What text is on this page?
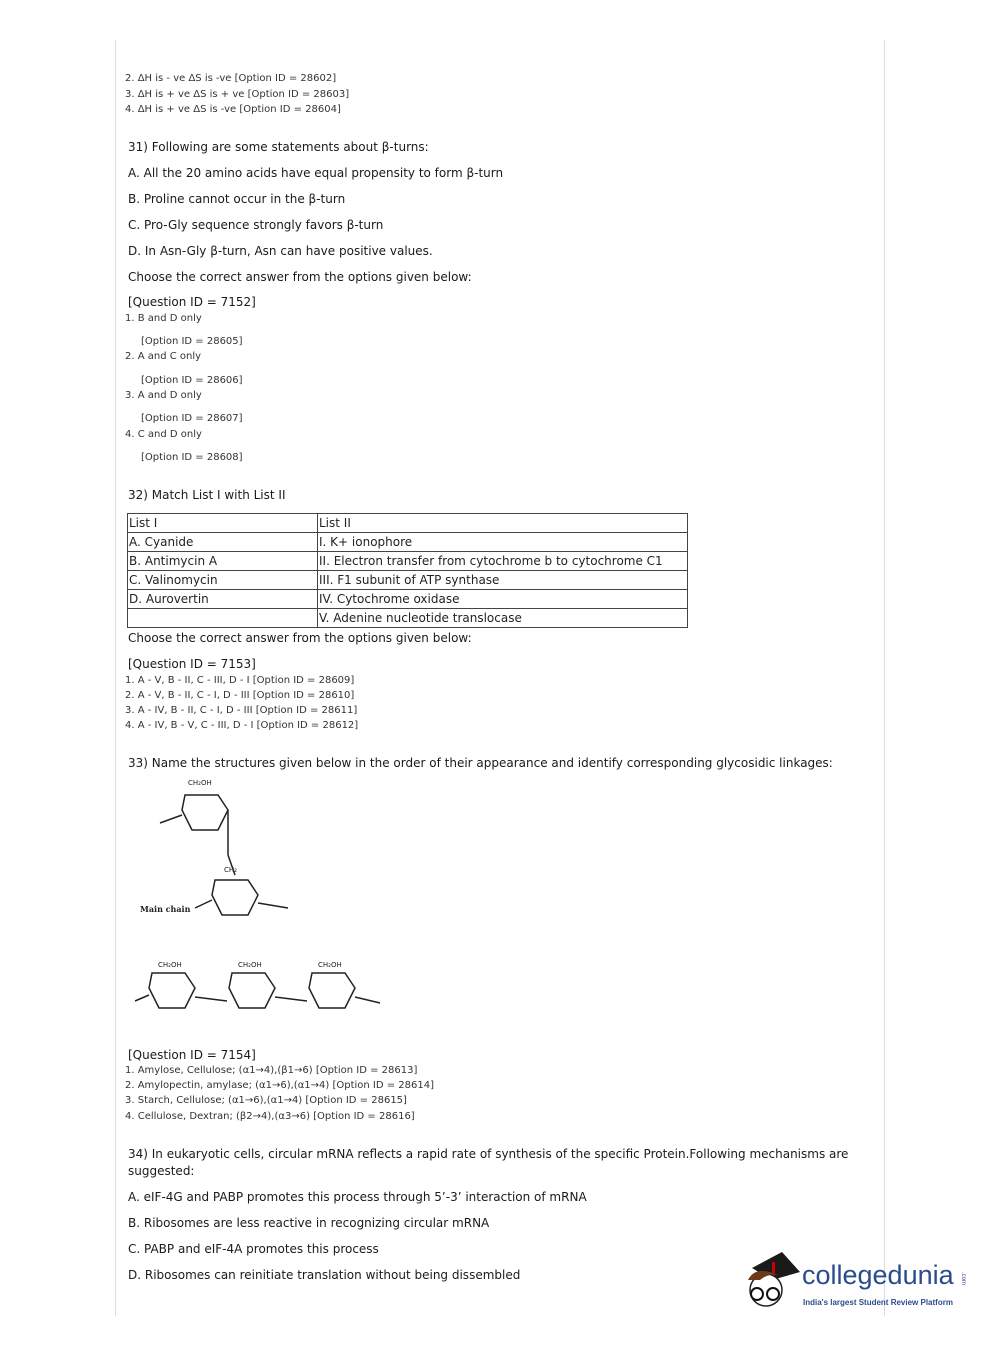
2. ΔH is - ve ΔS is -ve [Option ID = 28602]
3. ΔH is + ve ΔS is + ve [Option ID = 28603]
4. ΔH is + ve ΔS is -ve [Option ID = 28604]
31) Following are some statements about β-turns:
A. All the 20 amino acids have equal propensity to form β-turn
B. Proline cannot occur in the β-turn
C. Pro-Gly sequence strongly favors β-turn
D. In Asn-Gly β-turn, Asn can have positive values.
Choose the correct answer from the options given below:
[Question ID = 7152]
1. B and D only
[Option ID = 28605]
2. A and C only
[Option ID = 28606]
3. A and D only
[Option ID = 28607]
4. C and D only
[Option ID = 28608]
32) Match List I with List II
List I	List II
A. Cyanide	I. K+ ionophore
B. Antimycin A	II. Electron transfer from cytochrome b to cytochrome C1
C. Valinomycin	III. F1 subunit of ATP synthase
D. Aurovertin	IV. Cytochrome oxidase
	V. Adenine nucleotide translocase
Choose the correct answer from the options given below:
[Question ID = 7153]
1. A - V, B - II, C - III, D - I [Option ID = 28609]
2. A - V, B - II, C - I, D - III [Option ID = 28610]
3. A - IV, B - II, C - I, D - III [Option ID = 28611]
4. A - IV, B - V, C - III, D - I [Option ID = 28612]
33) Name the structures given below in the order of their appearance and identify corresponding glycosidic linkages:
CH₂OH
CH₂
Main chain
CH₂OH	CH₂OH	CH₂OH
[Question ID = 7154]
1. Amylose, Cellulose; (α1→4),(β1→6) [Option ID = 28613]
2. Amylopectin, amylase; (α1→6),(α1→4) [Option ID = 28614]
3. Starch, Cellulose; (α1→6),(α1→4) [Option ID = 28615]
4. Cellulose, Dextran; (β2→4),(α3→6) [Option ID = 28616]
34) In eukaryotic cells, circular mRNA reflects a rapid rate of synthesis of the specific Protein.Following mechanisms are
suggested:
A. eIF-4G and PABP promotes this process through 5’-3’ interaction of mRNA
B. Ribosomes are less reactive in recognizing circular mRNA
C. PABP and eIF-4A promotes this process
D. Ribosomes can reinitiate translation without being dissembled	collegedunia .com
India's largest Student Review Platform
